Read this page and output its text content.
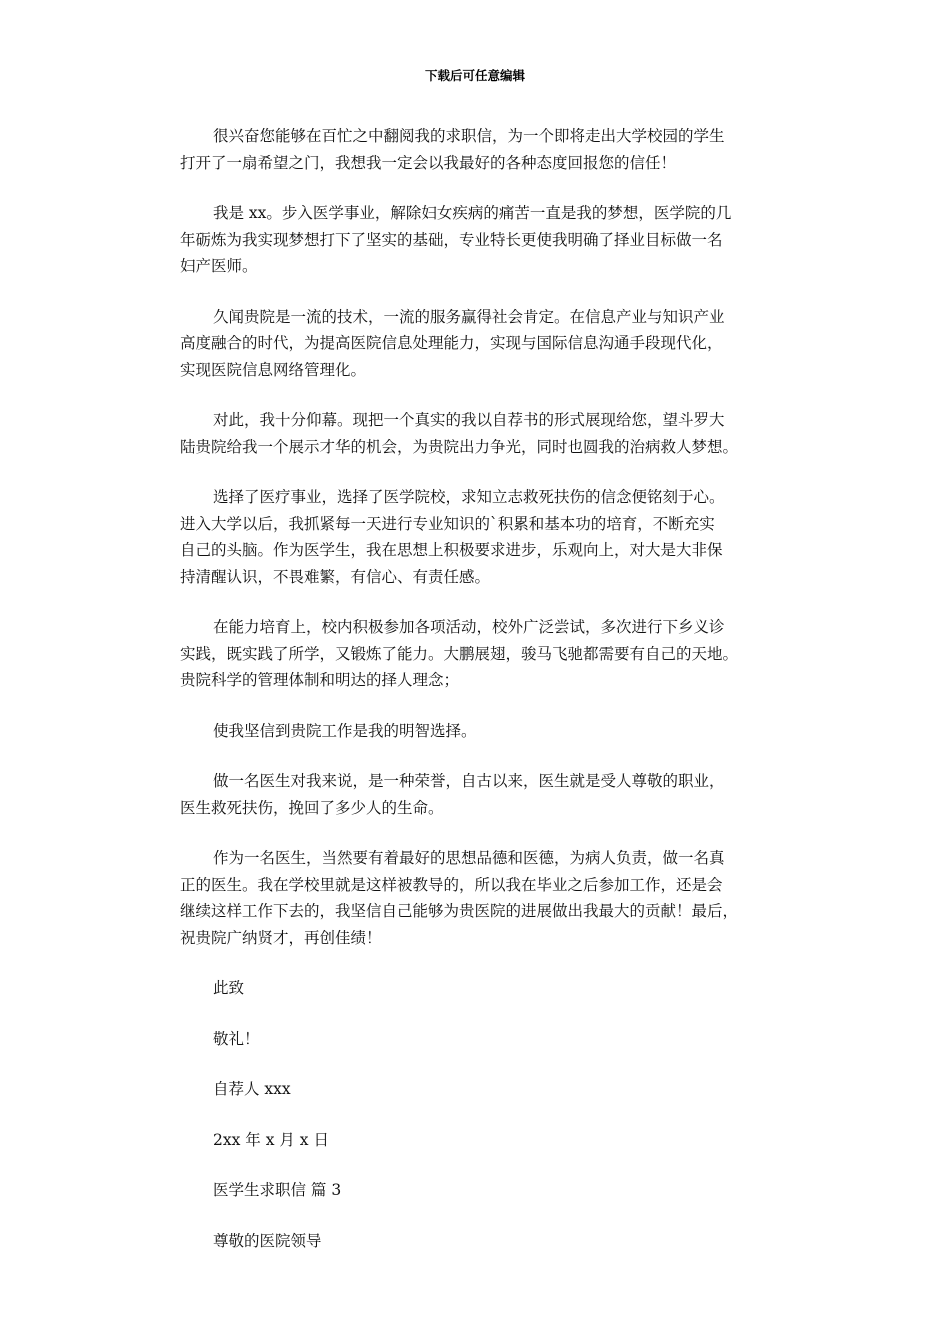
下载后可任意编辑

很兴奋您能够在百忙之中翻阅我的求职信，为一个即将走出大学校园的学生
打开了一扇希望之门，我想我一定会以我最好的各种态度回报您的信任！

我是 xx。步入医学事业，解除妇女疾病的痛苦一直是我的梦想，医学院的几
年砺炼为我实现梦想打下了坚实的基础，专业特长更使我明确了择业目标做一名
妇产医师。

久闻贵院是一流的技术，一流的服务赢得社会肯定。在信息产业与知识产业
高度融合的时代，为提高医院信息处理能力，实现与国际信息沟通手段现代化，
实现医院信息网络管理化。

对此，我十分仰幕。现把一个真实的我以自荐书的形式展现给您，望斗罗大
陆贵院给我一个展示才华的机会，为贵院出力争光，同时也圆我的治病救人梦想。

选择了医疗事业，选择了医学院校，求知立志救死扶伤的信念便铭刻于心。
进入大学以后，我抓紧每一天进行专业知识的`积累和基本功的培育，不断充实
自己的头脑。作为医学生，我在思想上积极要求进步，乐观向上，对大是大非保
持清醒认识，不畏难繁，有信心、有责任感。

在能力培育上，校内积极参加各项活动，校外广泛尝试，多次进行下乡义诊
实践，既实践了所学，又锻炼了能力。大鹏展翅，骏马飞驰都需要有自己的天地。
贵院科学的管理体制和明达的择人理念；

使我坚信到贵院工作是我的明智选择。

做一名医生对我来说，是一种荣誉，自古以来，医生就是受人尊敬的职业，
医生救死扶伤，挽回了多少人的生命。

作为一名医生，当然要有着最好的思想品德和医德，为病人负责，做一名真
正的医生。我在学校里就是这样被教导的，所以我在毕业之后参加工作，还是会
继续这样工作下去的，我坚信自己能够为贵医院的进展做出我最大的贡献！最后，
祝贵院广纳贤才，再创佳绩！

此致

敬礼！

自荐人 xxx

2xx 年 x 月 x 日

医学生求职信 篇 3

尊敬的医院领导
